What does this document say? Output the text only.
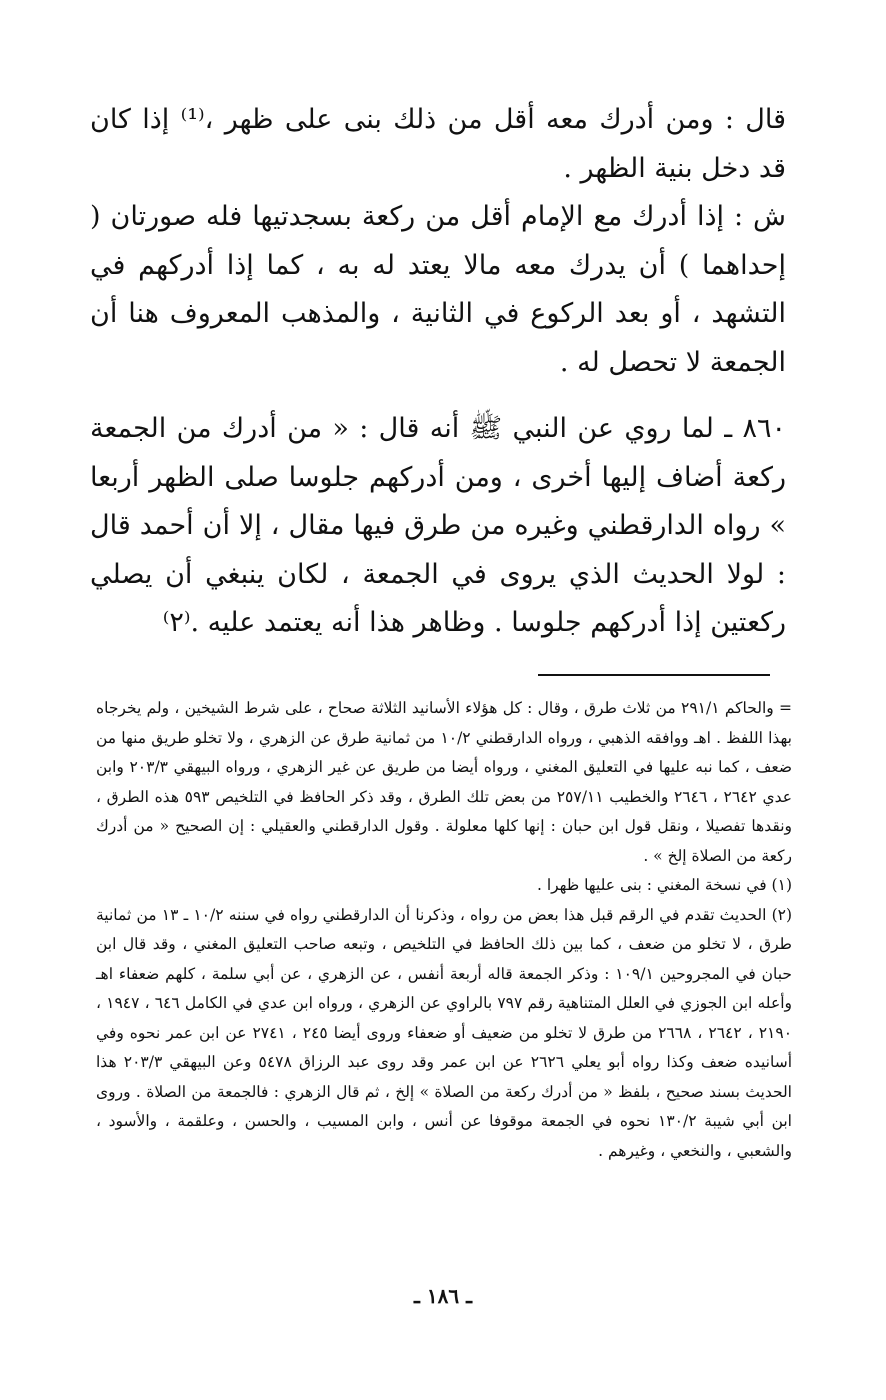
قال : ومن أدرك معه أقل من ذلك بنى على ظهر ،⁽¹⁾ إذا كان قد دخل بنية الظهر .

ش : إذا أدرك مع الإمام أقل من ركعة بسجدتيها فله صورتان ( إحداهما ) أن يدرك معه مالا يعتد له به ، كما إذا أدركهم في التشهد ، أو بعد الركوع في الثانية ، والمذهب المعروف هنا أن الجمعة لا تحصل له .

٨٦٠ ـ لما روي عن النبي ﷺ أنه قال : « من أدرك من الجمعة ركعة أضاف إليها أخرى ، ومن أدركهم جلوسا صلى الظهر أربعا » رواه الدارقطني وغيره من طرق فيها مقال ، إلا أن أحمد قال : لولا الحديث الذي يروى في الجمعة ، لكان ينبغي أن يصلي ركعتين إذا أدركهم جلوسا . وظاهر هذا أنه يعتمد عليه .⁽٢⁾

= والحاكم ٢٩١/١ من ثلاث طرق ، وقال : كل هؤلاء الأسانيد الثلاثة صحاح ، على شرط الشيخين ، ولم يخرجاه بهذا اللفظ . اهـ ووافقه الذهبي ، ورواه الدارقطني ١٠/٢ من ثمانية طرق عن الزهري ، ولا تخلو طريق منها من ضعف ، كما نبه عليها في التعليق المغني ، ورواه أيضا من طريق عن غير الزهري ، ورواه البيهقي ٢٠٣/٣ وابن عدي ٢٦٤٢ ، ٢٦٤٦ والخطيب ٢٥٧/١١ من بعض تلك الطرق ، وقد ذكر الحافظ في التلخيص ٥٩٣ هذه الطرق ، ونقدها تفصيلا ، ونقل قول ابن حبان : إنها كلها معلولة . وقول الدارقطني والعقيلي : إن الصحيح « من أدرك ركعة من الصلاة إلخ » .

(١) في نسخة المغني : بنى عليها ظهرا .

(٢) الحديث تقدم في الرقم قبل هذا بعض من رواه ، وذكرنا أن الدارقطني رواه في سننه ١٠/٢ ـ ١٣ من ثمانية طرق ، لا تخلو من ضعف ، كما بين ذلك الحافظ في التلخيص ، وتبعه صاحب التعليق المغني ، وقد قال ابن حبان في المجروحين ١٠٩/١ : وذكر الجمعة قاله أربعة أنفس ، عن الزهري ، عن أبي سلمة ، كلهم ضعفاء اهـ وأعله ابن الجوزي في العلل المتناهية رقم ٧٩٧ بالراوي عن الزهري ، ورواه ابن عدي في الكامل ٦٤٦ ، ١٩٤٧ ، ٢١٩٠ ، ٢٦٤٢ ، ٢٦٦٨ من طرق لا تخلو من ضعيف أو ضعفاء وروى أيضا ٢٤٥ ، ٢٧٤١ عن ابن عمر نحوه وفي أسانيده ضعف وكذا رواه أبو يعلي ٢٦٢٦ عن ابن عمر وقد روى عبد الرزاق ٥٤٧٨ وعن البيهقي ٢٠٣/٣ هذا الحديث بسند صحيح ، بلفظ « من أدرك ركعة من الصلاة » إلخ ، ثم قال الزهري : فالجمعة من الصلاة . وروى ابن أبي شيبة ١٣٠/٢ نحوه في الجمعة موقوفا عن أنس ، وابن المسيب ، والحسن ، وعلقمة ، والأسود ، والشعبي ، والنخعي ، وغيرهم .

ـ ١٨٦ ـ
